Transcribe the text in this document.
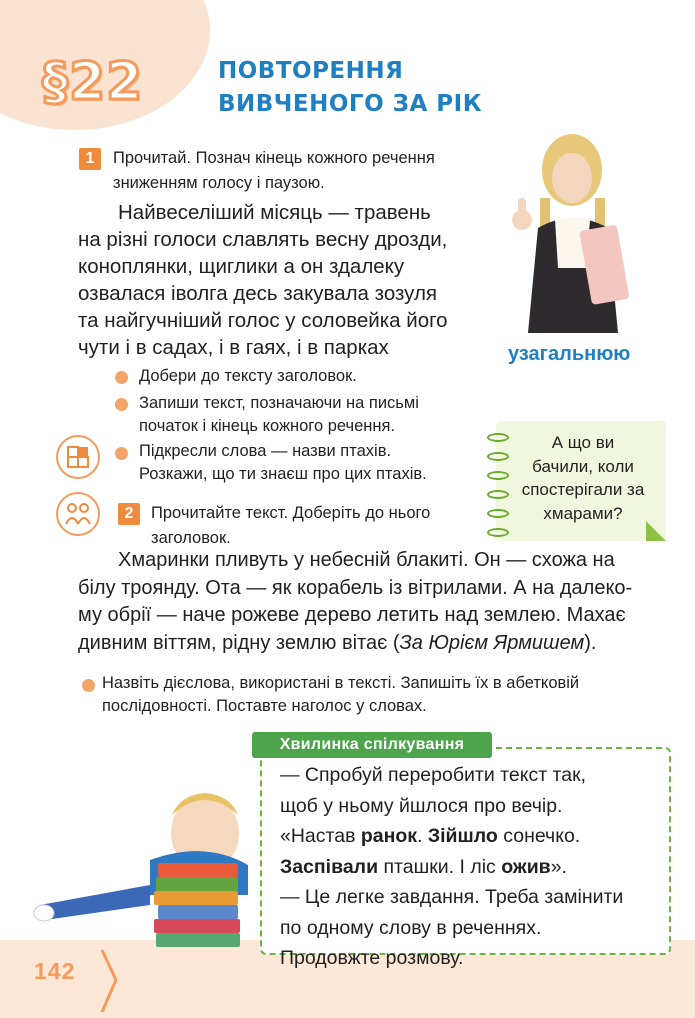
§22	ПОВТОРЕННЯ
ВИВЧЕНОГО ЗА РІК
1	Прочитай. Познач кінець кожного речення
зниженням голосу і паузою.
Найвеселіший місяць — травень
на різні голоси славлять весну дрозди,
коноплянки, щиглики а он здалеку
озвалася іволга десь закувала зозуля
та найгучніший голос у соловейка його
чути і в садах, і в гаях, і в парках	узагальнюю
Добери до тексту заголовок.
Запиши текст, позначаючи на письмі
початок і кінець кожного речення.
Підкресли слова — назви птахів.
Розкажи, що ти знаєш про цих птахів.
А що ви
бачили, коли
спостерігали за
хмарами?
2	Прочитайте текст. Доберіть до нього
заголовок.
Хмаринки пливуть у небесній блакиті. Он — схожа на
білу троянду. Ота — як корабель із вітрилами. А на далеко-
му обрії — наче рожеве дерево летить над землею. Махає
дивним віттям, рідну землю вітає (За Юрієм Ярмишем).
Назвіть дієслова, використані в тексті. Запишіть їх в абетковій
послідовності. Поставте наголос у словах.
Хвилинка спілкування
— Спробуй переробити текст так,
щоб у ньому йшлося про вечір.
«Настав ранок. Зійшло сонечко.
Заспівали пташки. І ліс ожив».
— Це легке завдання. Треба замінити
по одному слову в реченнях.
Продовжте розмову.
142
